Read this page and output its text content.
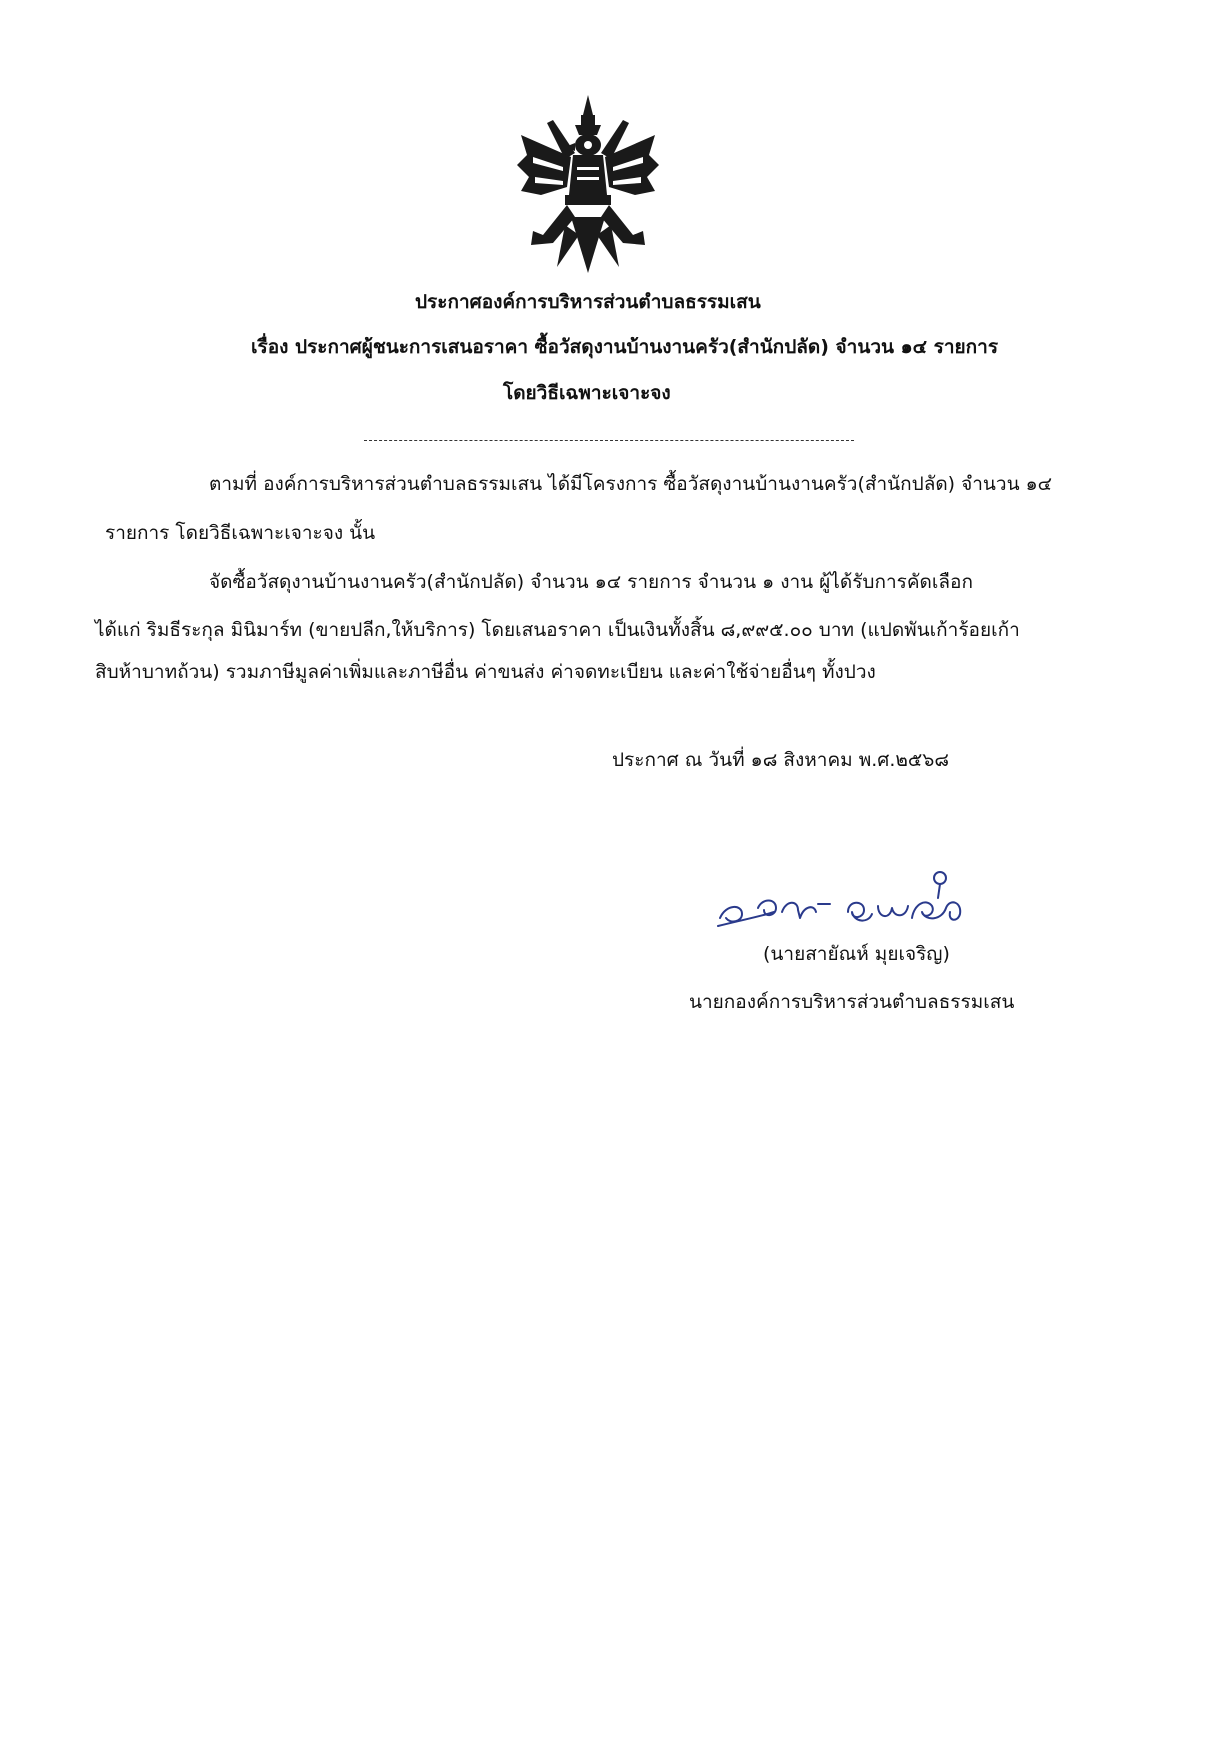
ประกาศองค์การบริหารส่วนตำบลธรรมเสน
เรื่อง ประกาศผู้ชนะการเสนอราคา ซื้อวัสดุงานบ้านงานครัว(สำนักปลัด) จำนวน ๑๔ รายการ
โดยวิธีเฉพาะเจาะจง
ตามที่ องค์การบริหารส่วนตำบลธรรมเสน ได้มีโครงการ ซื้อวัสดุงานบ้านงานครัว(สำนักปลัด) จำนวน ๑๔
รายการ โดยวิธีเฉพาะเจาะจง นั้น
จัดซื้อวัสดุงานบ้านงานครัว(สำนักปลัด) จำนวน ๑๔ รายการ จำนวน ๑ งาน ผู้ได้รับการคัดเลือก
ได้แก่ ริมธีระกุล มินิมาร์ท (ขายปลีก,ให้บริการ) โดยเสนอราคา เป็นเงินทั้งสิ้น ๘,๙๙๕.๐๐ บาท (แปดพันเก้าร้อยเก้า
สิบห้าบาทถ้วน) รวมภาษีมูลค่าเพิ่มและภาษีอื่น ค่าขนส่ง ค่าจดทะเบียน และค่าใช้จ่ายอื่นๆ ทั้งปวง
ประกาศ ณ วันที่ ๑๘ สิงหาคม พ.ศ.๒๕๖๘
(นายสายัณห์ มุยเจริญ)
นายกองค์การบริหารส่วนตำบลธรรมเสน
